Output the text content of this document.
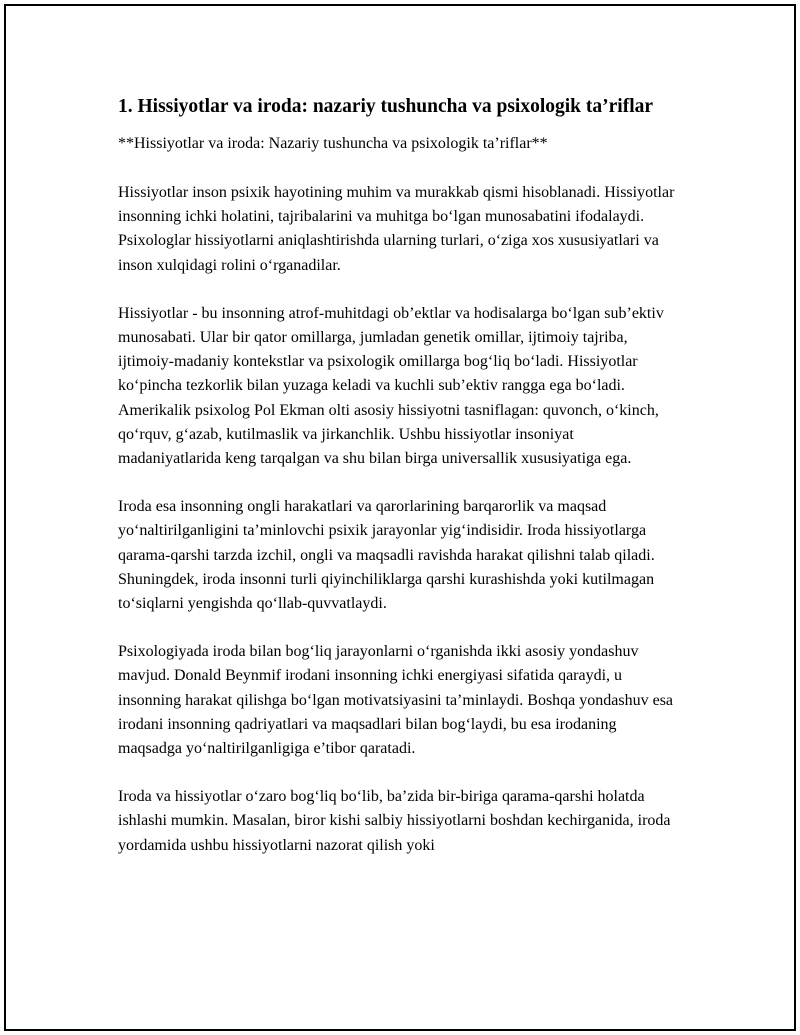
1. Hissiyotlar va iroda: nazariy tushuncha va psixologik ta’riflar

**Hissiyotlar va iroda: Nazariy tushuncha va psixologik ta’riflar**

Hissiyotlar inson psixik hayotining muhim va murakkab qismi hisoblanadi. Hissiyotlar insonning ichki holatini, tajribalarini va muhitga bo‘lgan munosabatini ifodalaydi. Psixologlar hissiyotlarni aniqlashtirishda ularning turlari, o‘ziga xos xususiyatlari va inson xulqidagi rolini o‘rganadilar.

Hissiyotlar - bu insonning atrof-muhitdagi ob’ektlar va hodisalarga bo‘lgan sub’ektiv munosabati. Ular bir qator omillarga, jumladan genetik omillar, ijtimoiy tajriba, ijtimoiy-madaniy kontekstlar va psixologik omillarga bog‘liq bo‘ladi. Hissiyotlar ko‘pincha tezkorlik bilan yuzaga keladi va kuchli sub’ektiv rangga ega bo‘ladi. Amerikalik psixolog Pol Ekman olti asosiy hissiyotni tasniflagan: quvonch, o‘kinch, qo‘rquv, g‘azab, kutilmaslik va jirkanchlik. Ushbu hissiyotlar insoniyat madaniyatlarida keng tarqalgan va shu bilan birga universallik xususiyatiga ega.

Iroda esa insonning ongli harakatlari va qarorlarining barqarorlik va maqsad yo‘naltirilganligini ta’minlovchi psixik jarayonlar yig‘indisidir. Iroda hissiyotlarga qarama-qarshi tarzda izchil, ongli va maqsadli ravishda harakat qilishni talab qiladi. Shuningdek, iroda insonni turli qiyinchiliklarga qarshi kurashishda yoki kutilmagan to‘siqlarni yengishda qo‘llab-quvvatlaydi.

Psixologiyada iroda bilan bog‘liq jarayonlarni o‘rganishda ikki asosiy yondashuv mavjud. Donald Beynmif irodani insonning ichki energiyasi sifatida qaraydi, u insonning harakat qilishga bo‘lgan motivatsiyasini ta’minlaydi. Boshqa yondashuv esa irodani insonning qadriyatlari va maqsadlari bilan bog‘laydi, bu esa irodaning maqsadga yo‘naltirilganligiga e’tibor qaratadi.

Iroda va hissiyotlar o‘zaro bog‘liq bo‘lib, ba’zida bir-biriga qarama-qarshi holatda ishlashi mumkin. Masalan, biror kishi salbiy hissiyotlarni boshdan kechirganida, iroda yordamida ushbu hissiyotlarni nazorat qilish yoki
